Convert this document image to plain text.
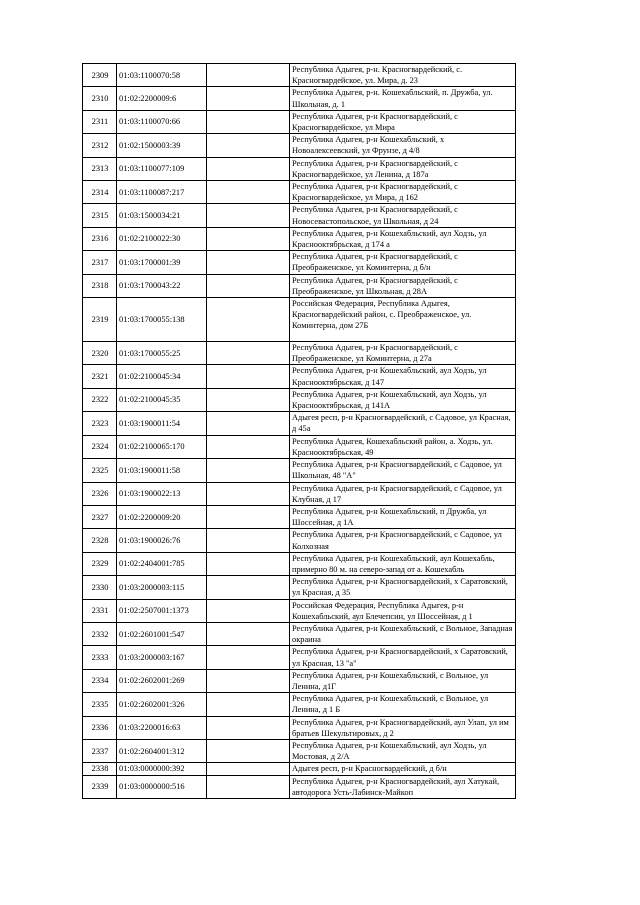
2309	01:03:1100070:58		Республика Адыгея, р-н. Красногвардейский, с. Красногвардейское, ул. Мира, д. 23
2310	01:02:2200009:6		Республика Адыгея, р-н. Кошехабльский, п. Дружба, ул. Школьная, д. 1
2311	01:03:1100070:66		Республика Адыгея, р-н Красногвардейский, с Красногвардейское, ул Мира
2312	01:02:1500003:39		Республика Адыгея, р-н Кошехабльский, х Новоалексеевский, ул Фрунзе, д 4/8
2313	01:03:1100077:109		Республика Адыгея, р-н Красногвардейский, с Красногвардейское, ул Ленина, д 187а
2314	01:03:1100087:217		Республика Адыгея, р-н Красногвардейский, с Красногвардейское, ул Мира, д 162
2315	01:03:1500034:21		Республика Адыгея, р-н Красногвардейский, с Новосевастопольское, ул Школьная, д 24
2316	01:02:2100022:30		Республика Адыгея, р-н Кошехабльский, аул Ходзь, ул Краснооктябрьская, д 174 а
2317	01:03:1700001:39		Республика Адыгея, р-н Красногвардейский, с Преображенское, ул Коминтерна, д б/н
2318	01:03:1700043:22		Республика Адыгея, р-н Красногвардейский, с Преображенское, ул Школьная, д 28А
2319	01:03:1700055:138		Российская Федерация, Республика Адыгея, Красногвардейский район, с. Преображенское, ул. Коминтерна, дом 27Б
2320	01:03:1700055:25		Республика Адыгея, р-н Красногвардейский, с Преображенское, ул Коминтерна, д 27а
2321	01:02:2100045:34		Республика Адыгея, р-н Кошехабльский, аул Ходзь, ул Краснооктябрьская, д 147
2322	01:02:2100045:35		Республика Адыгея, р-н Кошехабльский, аул Ходзь, ул Краснооктябрьская, д 141А
2323	01:03:1900011:54		Адыгея респ, р-н Красногвардейский, с Садовое, ул Красная, д 45а
2324	01:02:2100065:170		Республика Адыгея, Кошехабльский район, а. Ходзь, ул. Краснооктябрьская, 49
2325	01:03:1900011:58		Республика Адыгея, р-н Красногвардейский, с Садовое, ул Школьная, 48 "А"
2326	01:03:1900022:13		Республика Адыгея, р-н Красногвардейский, с Садовое, ул Клубная, д 17
2327	01:02:2200009:20		Республика Адыгея, р-н Кошехабльский, п Дружба, ул Шоссейная, д 1А
2328	01:03:1900026:76		Республика Адыгея, р-н Красногвардейский, с Садовое, ул Колхозная
2329	01:02:2404001:785		Республика Адыгея, р-н Кошехабльский, аул Кошехабль, примерно 80 м. на северо-запад от а. Кошехабль
2330	01:03:2000003:115		Республика Адыгея, р-н Красногвардейский, х Саратовский, ул Красная, д 35
2331	01:02:2507001:1373		Российская Федерация, Республика Адыгея, р-н Кошехабльский, аул Блечепсин, ул Шоссейная, д 1
2332	01:02:2601001:547		Республика Адыгея, р-н Кошехабльский, с Вольное, Западная окраина
2333	01:03:2000003:167		Республика Адыгея, р-н Красногвардейский, х Саратовский, ул Красная, 13 "а"
2334	01:02:2602001:269		Республика Адыгея, р-н Кошехабльский, с Вольное, ул Ленина, д1Г
2335	01:02:2602001:326		Республика Адыгея, р-н Кошехабльский, с Вольное, ул Ленина, д 1 Б
2336	01:03:2200016:63		Республика Адыгея, р-н Красногвардейский, аул Улап, ул им братьев Шекультировых, д 2
2337	01:02:2604001:312		Республика Адыгея, р-н Кошехабльский, аул Ходзь, ул Мостовая, д 2/А
2338	01:03:0000000:392		Адыгея респ, р-н Красногвардейский, д б/н
2339	01:03:0000000:516		Республика Адыгея, р-н Красногвардейский, аул Хатукай, автодорога Усть-Лабинск-Майкоп
